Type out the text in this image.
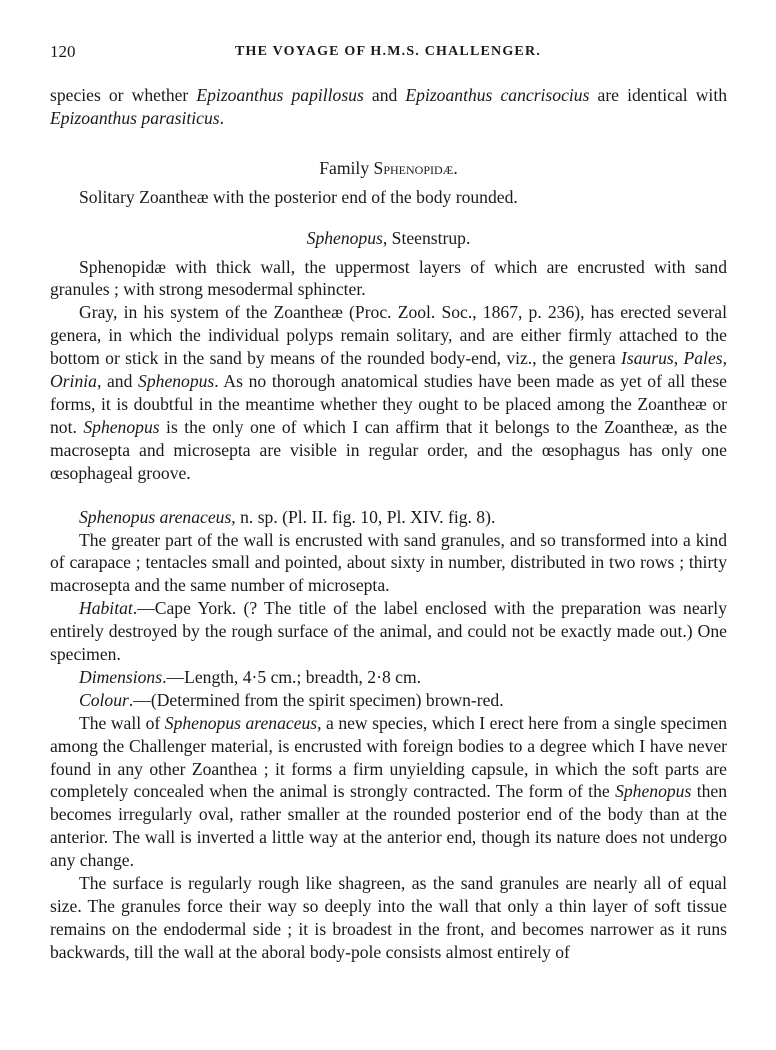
120	THE VOYAGE OF H.M.S. CHALLENGER.

species or whether Epizoanthus papillosus and Epizoanthus cancrisocius are identical with Epizoanthus parasiticus.

Family Sphenopidæ.

Solitary Zoantheæ with the posterior end of the body rounded.

Sphenopus, Steenstrup.

Sphenopidæ with thick wall, the uppermost layers of which are encrusted with sand granules ; with strong mesodermal sphincter.

Gray, in his system of the Zoantheæ (Proc. Zool. Soc., 1867, p. 236), has erected several genera, in which the individual polyps remain solitary, and are either firmly attached to the bottom or stick in the sand by means of the rounded body-end, viz., the genera Isaurus, Pales, Orinia, and Sphenopus. As no thorough anatomical studies have been made as yet of all these forms, it is doubtful in the meantime whether they ought to be placed among the Zoantheæ or not. Sphenopus is the only one of which I can affirm that it belongs to the Zoantheæ, as the macrosepta and microsepta are visible in regular order, and the œsophagus has only one œsophageal groove.

Sphenopus arenaceus, n. sp. (Pl. II. fig. 10, Pl. XIV. fig. 8).

The greater part of the wall is encrusted with sand granules, and so transformed into a kind of carapace ; tentacles small and pointed, about sixty in number, distributed in two rows ; thirty macrosepta and the same number of microsepta.

Habitat.—Cape York. (? The title of the label enclosed with the preparation was nearly entirely destroyed by the rough surface of the animal, and could not be exactly made out.) One specimen.

Dimensions.—Length, 4·5 cm.; breadth, 2·8 cm.

Colour.—(Determined from the spirit specimen) brown-red.

The wall of Sphenopus arenaceus, a new species, which I erect here from a single specimen among the Challenger material, is encrusted with foreign bodies to a degree which I have never found in any other Zoanthea ; it forms a firm unyielding capsule, in which the soft parts are completely concealed when the animal is strongly contracted. The form of the Sphenopus then becomes irregularly oval, rather smaller at the rounded posterior end of the body than at the anterior. The wall is inverted a little way at the anterior end, though its nature does not undergo any change.

The surface is regularly rough like shagreen, as the sand granules are nearly all of equal size. The granules force their way so deeply into the wall that only a thin layer of soft tissue remains on the endodermal side ; it is broadest in the front, and becomes narrower as it runs backwards, till the wall at the aboral body-pole consists almost entirely of
